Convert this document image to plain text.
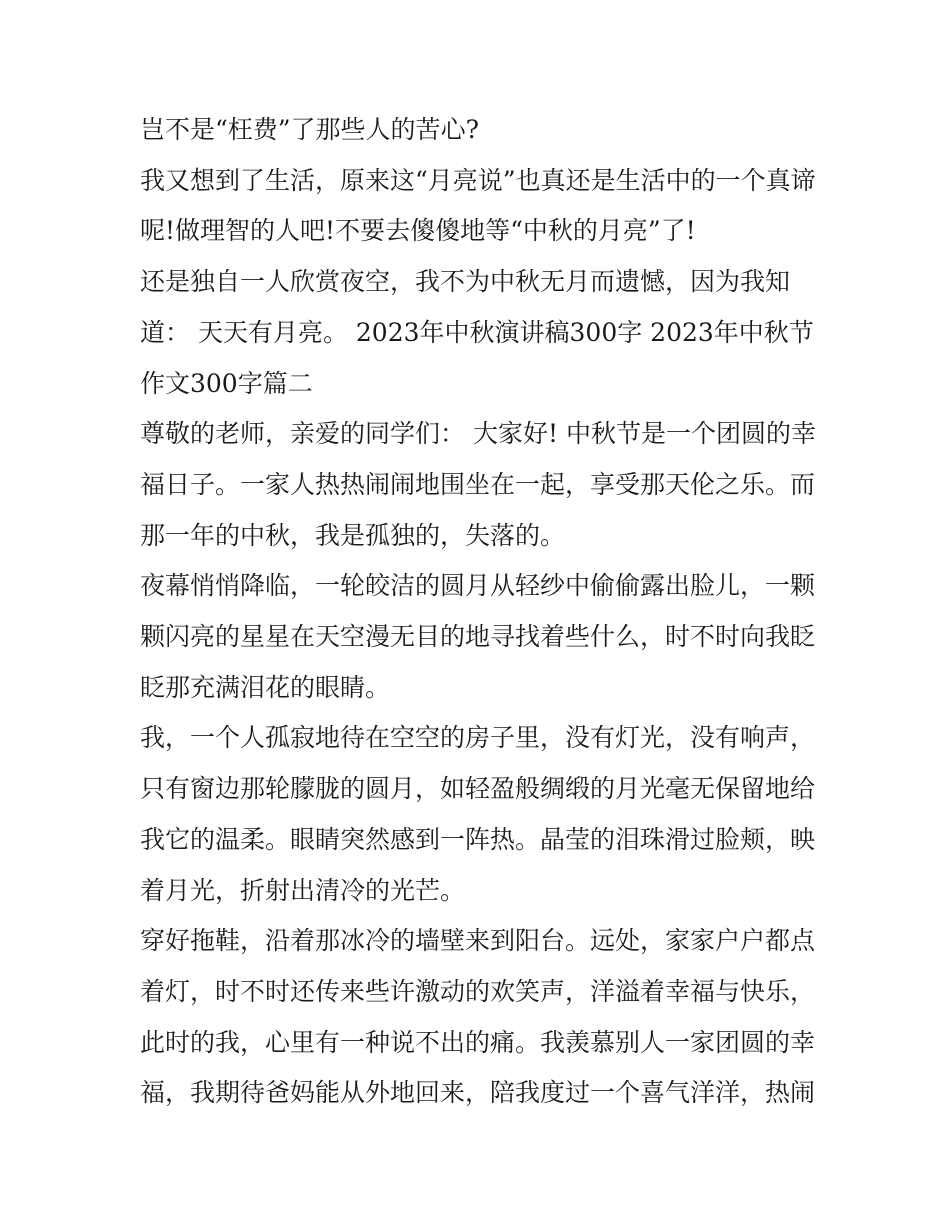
岂不是“枉费”了那些人的苦心?

我又想到了生活，原来这“月亮说”也真还是生活中的一个真谛呢!做理智的人吧!不要去傻傻地等“中秋的月亮”了!

还是独自一人欣赏夜空，我不为中秋无月而遗憾，因为我知道： 天天有月亮。 2023年中秋演讲稿300字 2023年中秋节作文300字篇二

尊敬的老师，亲爱的同学们： 大家好! 中秋节是一个团圆的幸福日子。一家人热热闹闹地围坐在一起，享受那天伦之乐。而那一年的中秋，我是孤独的，失落的。

夜幕悄悄降临，一轮皎洁的圆月从轻纱中偷偷露出脸儿，一颗颗闪亮的星星在天空漫无目的地寻找着些什么，时不时向我眨眨那充满泪花的眼睛。

我，一个人孤寂地待在空空的房子里，没有灯光，没有响声，只有窗边那轮朦胧的圆月，如轻盈般绸缎的月光毫无保留地给我它的温柔。眼睛突然感到一阵热。晶莹的泪珠滑过脸颊，映着月光，折射出清冷的光芒。

穿好拖鞋，沿着那冰冷的墙壁来到阳台。远处，家家户户都点着灯，时不时还传来些许激动的欢笑声，洋溢着幸福与快乐，此时的我，心里有一种说不出的痛。我羡慕别人一家团圆的幸福，我期待爸妈能从外地回来，陪我度过一个喜气洋洋，热闹
